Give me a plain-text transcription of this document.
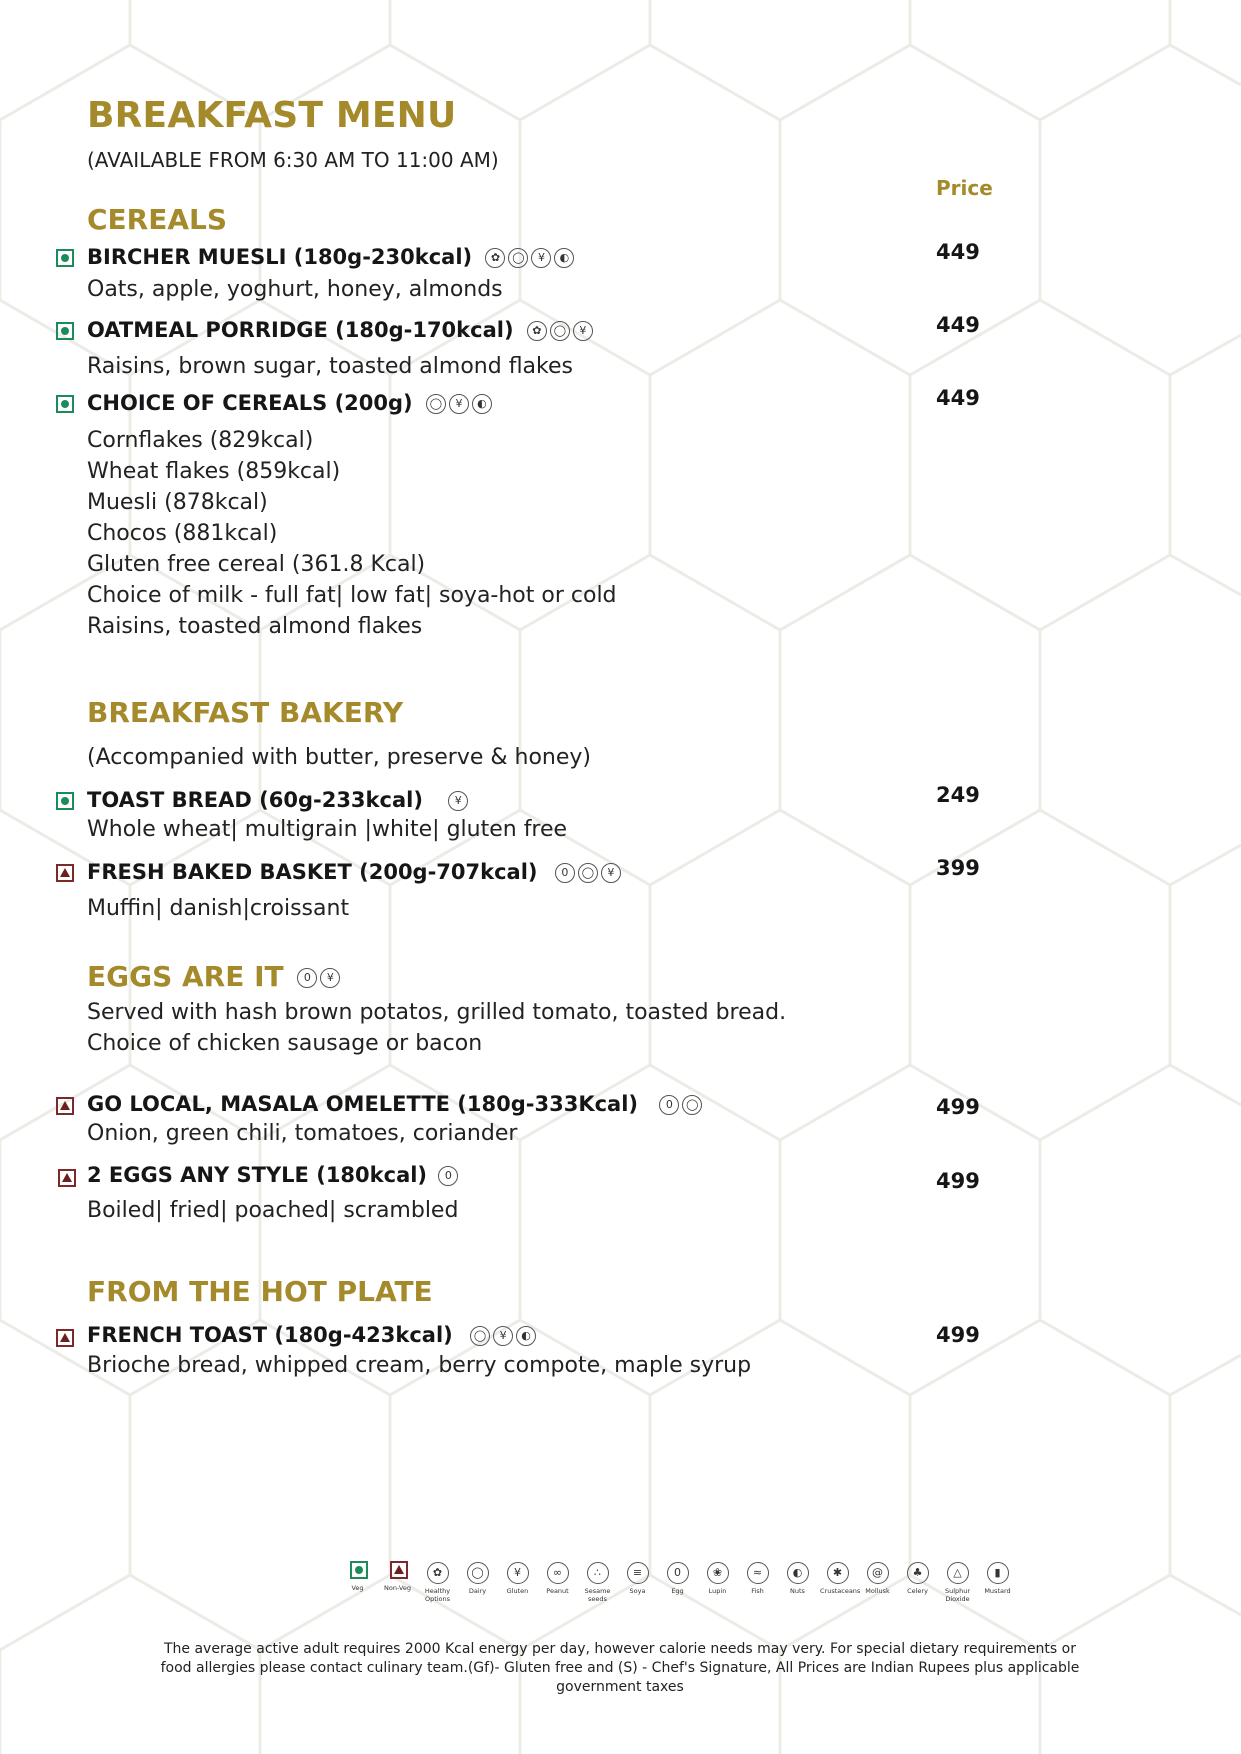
BREAKFAST MENU
(AVAILABLE FROM 6:30 AM TO 11:00 AM)
Price
CEREALS
BIRCHER MUESLI (180g-230kcal)	✿	◯	¥	◐	449
Oats, apple, yoghurt, honey, almonds
OATMEAL PORRIDGE (180g-170kcal)	✿	◯	¥	449
Raisins, brown sugar, toasted almond flakes
CHOICE OF CEREALS (200g)	◯	¥	◐	449
Cornflakes (829kcal)
Wheat flakes (859kcal)
Muesli (878kcal)
Chocos (881kcal)
Gluten free cereal (361.8 Kcal)
Choice of milk - full fat| low fat| soya-hot or cold
Raisins, toasted almond flakes
BREAKFAST BAKERY
(Accompanied with butter, preserve & honey)
TOAST BREAD (60g-233kcal)	¥	249
Whole wheat| multigrain |white| gluten free
FRESH BAKED BASKET (200g-707kcal)	0	◯	¥	399
Muffin| danish|croissant
EGGS ARE IT	0	¥
Served with hash brown potatos, grilled tomato, toasted bread.
Choice of chicken sausage or bacon
GO LOCAL, MASALA OMELETTE (180g-333Kcal)	0	◯	499
Onion, green chili, tomatoes, coriander
2 EGGS ANY STYLE (180kcal)	0	499
Boiled| fried| poached| scrambled
FROM THE HOT PLATE
FRENCH TOAST (180g-423kcal)	◯	¥	◐	499
Brioche bread, whipped cream, berry compote, maple syrup
Veg	Non-Veg
✿
Healthy Options
◯
Dairy
¥
Gluten
∞
Peanut
∴
Sesame seeds
≡
Soya
0
Egg
❀
Lupin
≈
Fish
◐
Nuts
✱
Crustaceans
@
Mollusk
♣
Celery
△
Sulphur Dioxide
▮
Mustard
The average active adult requires 2000 Kcal energy per day, however calorie needs may very. For special dietary requirements or food allergies please contact culinary team.(Gf)- Gluten free and (S) - Chef's Signature, All Prices are Indian Rupees plus applicable government taxes
